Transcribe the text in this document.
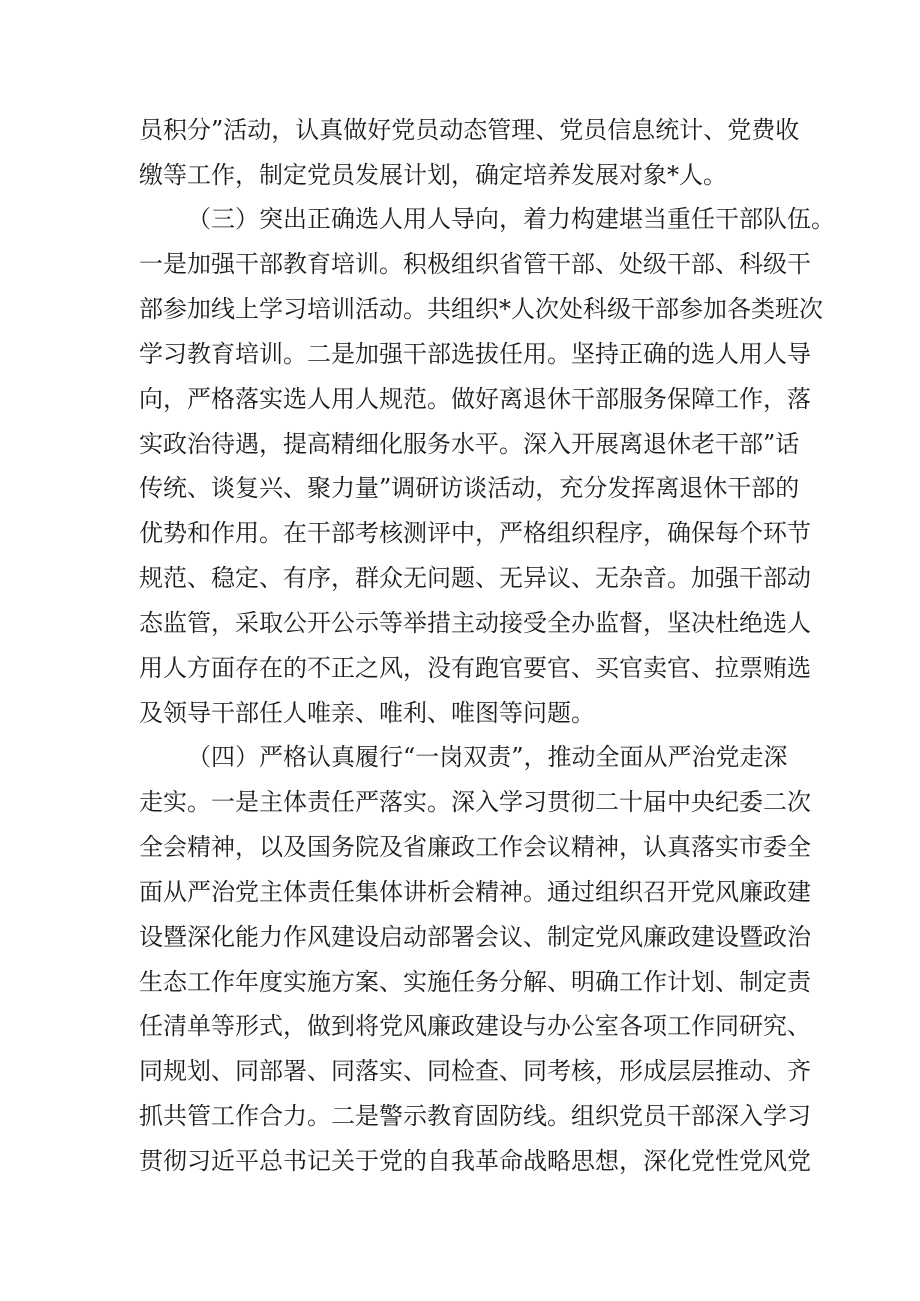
员积分”活动，认真做好党员动态管理、党员信息统计、党费收
缴等工作，制定党员发展计划，确定培养发展对象*人。
（三）突出正确选人用人导向，着力构建堪当重任干部队伍。
一是加强干部教育培训。积极组织省管干部、处级干部、科级干
部参加线上学习培训活动。共组织*人次处科级干部参加各类班次
学习教育培训。二是加强干部选拔任用。坚持正确的选人用人导
向，严格落实选人用人规范。做好离退休干部服务保障工作，落
实政治待遇，提高精细化服务水平。深入开展离退休老干部”话
传统、谈复兴、聚力量”调研访谈活动，充分发挥离退休干部的
优势和作用。在干部考核测评中，严格组织程序，确保每个环节
规范、稳定、有序，群众无问题、无异议、无杂音。加强干部动
态监管，采取公开公示等举措主动接受全办监督，坚决杜绝选人
用人方面存在的不正之风，没有跑官要官、买官卖官、拉票贿选
及领导干部任人唯亲、唯利、唯图等问题。
（四）严格认真履行“一岗双责”，推动全面从严治党走深
走实。一是主体责任严落实。深入学习贯彻二十届中央纪委二次
全会精神，以及国务院及省廉政工作会议精神，认真落实市委全
面从严治党主体责任集体讲析会精神。通过组织召开党风廉政建
设暨深化能力作风建设启动部署会议、制定党风廉政建设暨政治
生态工作年度实施方案、实施任务分解、明确工作计划、制定责
任清单等形式，做到将党风廉政建设与办公室各项工作同研究、
同规划、同部署、同落实、同检查、同考核，形成层层推动、齐
抓共管工作合力。二是警示教育固防线。组织党员干部深入学习
贯彻习近平总书记关于党的自我革命战略思想，深化党性党风党
